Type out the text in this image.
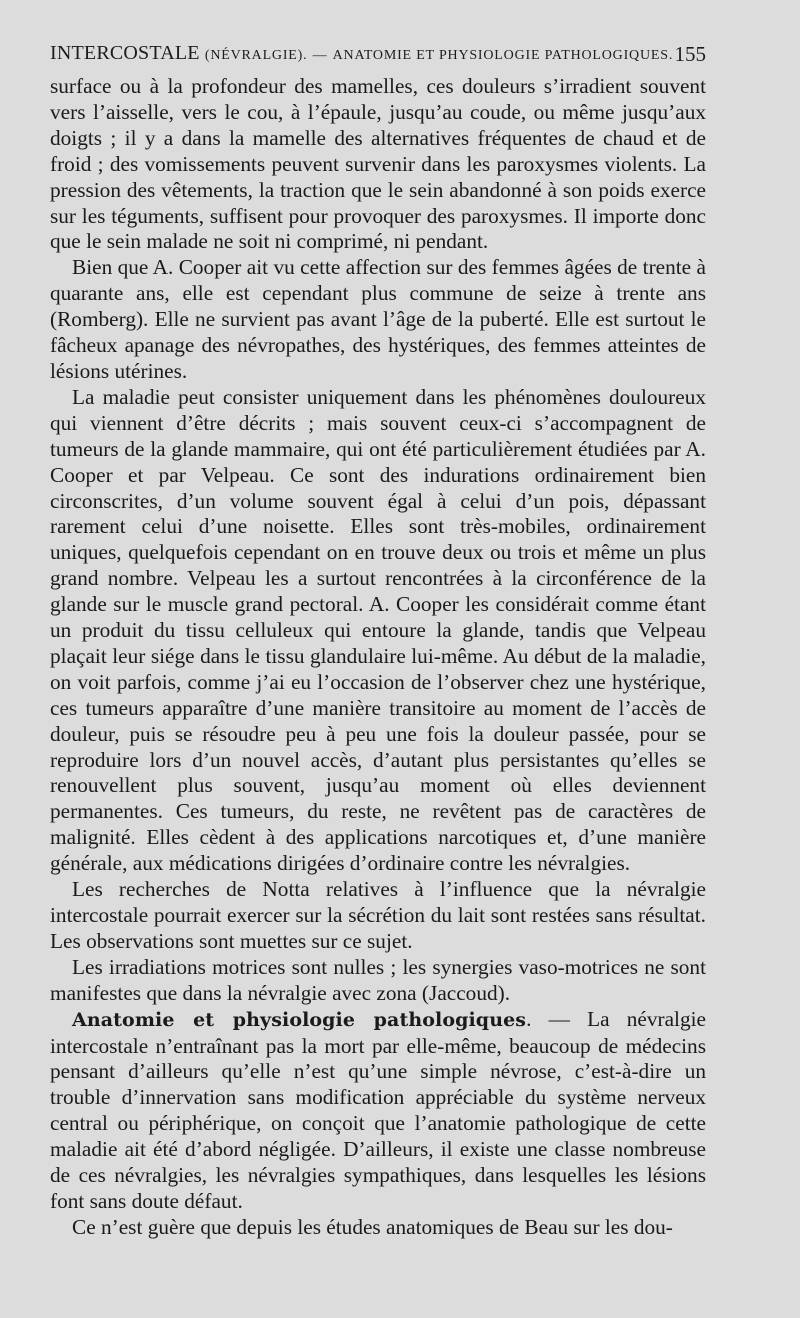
INTERCOSTALE (NÉVRALGIE). — ANATOMIE ET PHYSIOLOGIE PATHOLOGIQUES. 155

surface ou à la profondeur des mamelles, ces douleurs s’irradient souvent vers l’aisselle, vers le cou, à l’épaule, jusqu’au coude, ou même jusqu’aux doigts ; il y a dans la mamelle des alternatives fréquentes de chaud et de froid ; des vomissements peuvent survenir dans les paroxysmes violents. La pression des vêtements, la traction que le sein abandonné à son poids exerce sur les téguments, suffisent pour provoquer des paroxysmes. Il importe donc que le sein malade ne soit ni comprimé, ni pendant.

Bien que A. Cooper ait vu cette affection sur des femmes âgées de trente à quarante ans, elle est cependant plus commune de seize à trente ans (Romberg). Elle ne survient pas avant l’âge de la puberté. Elle est surtout le fâcheux apanage des névropathes, des hystériques, des femmes atteintes de lésions utérines.

La maladie peut consister uniquement dans les phénomènes douloureux qui viennent d’être décrits ; mais souvent ceux-ci s’accompagnent de tumeurs de la glande mammaire, qui ont été particulièrement étudiées par A. Cooper et par Velpeau. Ce sont des indurations ordinairement bien circonscrites, d’un volume souvent égal à celui d’un pois, dépassant rarement celui d’une noisette. Elles sont très-mobiles, ordinairement uniques, quelquefois cependant on en trouve deux ou trois et même un plus grand nombre. Velpeau les a surtout rencontrées à la circonférence de la glande sur le muscle grand pectoral. A. Cooper les considérait comme étant un produit du tissu celluleux qui entoure la glande, tandis que Velpeau plaçait leur siége dans le tissu glandulaire lui-même. Au début de la maladie, on voit parfois, comme j’ai eu l’occasion de l’observer chez une hystérique, ces tumeurs apparaître d’une manière transitoire au moment de l’accès de douleur, puis se résoudre peu à peu une fois la douleur passée, pour se reproduire lors d’un nouvel accès, d’autant plus persistantes qu’elles se renouvellent plus souvent, jusqu’au moment où elles deviennent permanentes. Ces tumeurs, du reste, ne revêtent pas de caractères de malignité. Elles cèdent à des applications narcotiques et, d’une manière générale, aux médications dirigées d’ordinaire contre les névralgies.

Les recherches de Notta relatives à l’influence que la névralgie intercostale pourrait exercer sur la sécrétion du lait sont restées sans résultat. Les observations sont muettes sur ce sujet.

Les irradiations motrices sont nulles ; les synergies vaso-motrices ne sont manifestes que dans la névralgie avec zona (Jaccoud).

Anatomie et physiologie pathologiques. — La névralgie intercostale n’entraînant pas la mort par elle-même, beaucoup de médecins pensant d’ailleurs qu’elle n’est qu’une simple névrose, c’est-à-dire un trouble d’innervation sans modification appréciable du système nerveux central ou périphérique, on conçoit que l’anatomie pathologique de cette maladie ait été d’abord négligée. D’ailleurs, il existe une classe nombreuse de ces névralgies, les névralgies sympathiques, dans lesquelles les lésions font sans doute défaut.

Ce n’est guère que depuis les études anatomiques de Beau sur les dou-
